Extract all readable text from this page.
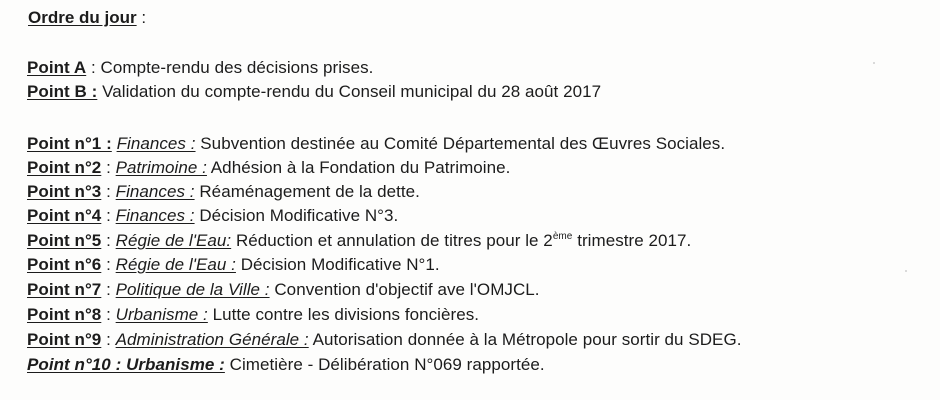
Ordre du jour :
Point A : Compte-rendu des décisions prises.
Point B : Validation du compte-rendu du Conseil municipal du 28 août 2017
Point n°1 : Finances : Subvention destinée au Comité Départemental des Œuvres Sociales.
Point n°2 : Patrimoine : Adhésion à la Fondation du Patrimoine.
Point n°3 : Finances : Réaménagement de la dette.
Point n°4 : Finances : Décision Modificative N°3.
Point n°5 : Régie de l'Eau: Réduction et annulation de titres pour le 2ème trimestre 2017.
Point n°6 : Régie de l'Eau : Décision Modificative N°1.
Point n°7 : Politique de la Ville : Convention d'objectif ave l'OMJCL.
Point n°8 : Urbanisme : Lutte contre les divisions foncières.
Point n°9 : Administration Générale : Autorisation donnée à la Métropole pour sortir du SDEG.
Point n°10 : Urbanisme : Cimetière - Délibération N°069 rapportée.
